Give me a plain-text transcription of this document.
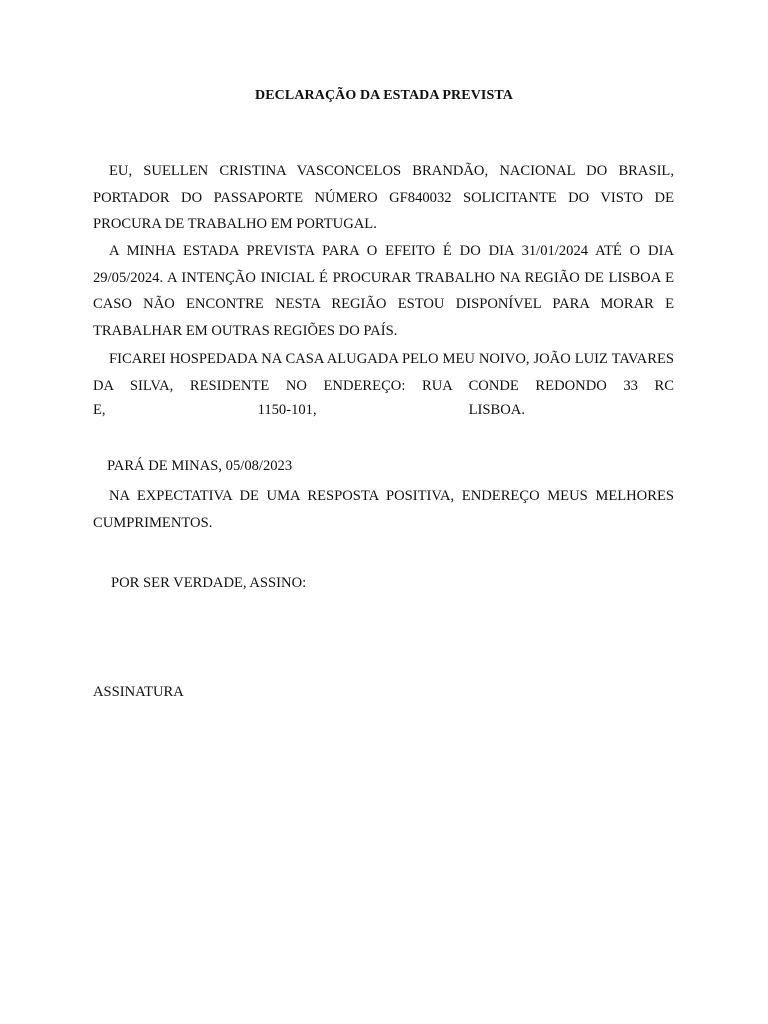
DECLARAÇÃO DA ESTADA PREVISTA

EU, SUELLEN CRISTINA VASCONCELOS BRANDÃO, NACIONAL DO BRASIL, PORTADOR DO PASSAPORTE NÚMERO GF840032 SOLICITANTE DO VISTO DE PROCURA DE TRABALHO EM PORTUGAL.

A MINHA ESTADA PREVISTA PARA O EFEITO É DO DIA 31/01/2024 ATÉ O DIA 29/05/2024. A INTENÇÃO INICIAL É PROCURAR TRABALHO NA REGIÃO DE LISBOA E CASO NÃO ENCONTRE NESTA REGIÃO ESTOU DISPONÍVEL PARA MORAR E TRABALHAR EM OUTRAS REGIÕES DO PAÍS.

FICAREI HOSPEDADA NA CASA ALUGADA PELO MEU NOIVO, JOÃO LUIZ TAVARES DA SILVA, RESIDENTE NO ENDEREÇO: RUA CONDE REDONDO 33 RC

E,	1150-101,	LISBOA.
PARÁ DE MINAS, 05/08/2023

NA EXPECTATIVA DE UMA RESPOSTA POSITIVA, ENDEREÇO MEUS MELHORES CUMPRIMENTOS.

POR SER VERDADE, ASSINO:
ASSINATURA
